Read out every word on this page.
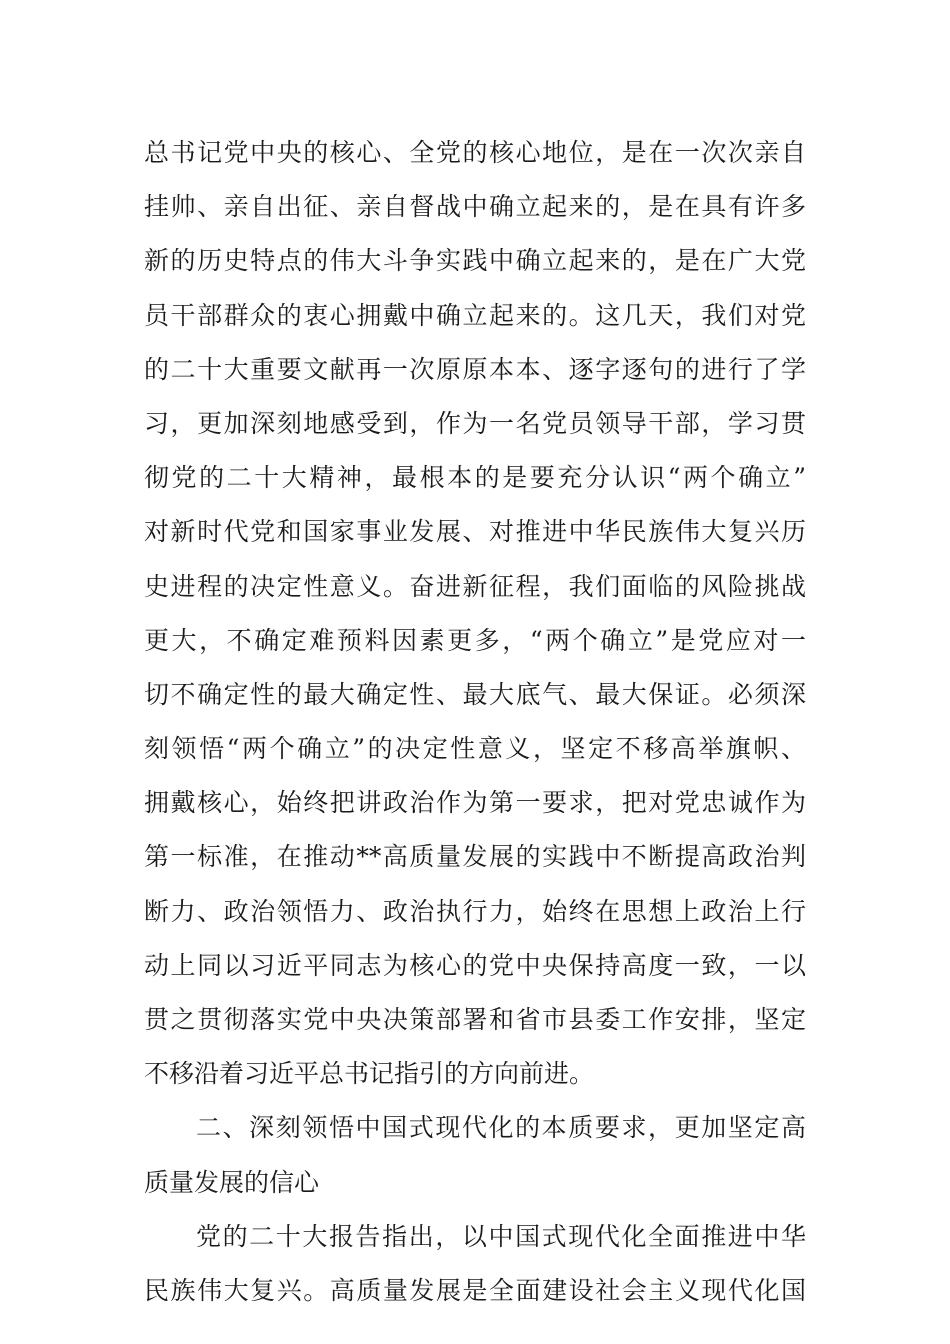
总书记党中央的核心、全党的核心地位，是在一次次亲自
挂帅、亲自出征、亲自督战中确立起来的，是在具有许多
新的历史特点的伟大斗争实践中确立起来的，是在广大党
员干部群众的衷心拥戴中确立起来的。这几天，我们对党
的二十大重要文献再一次原原本本、逐字逐句的进行了学
习，更加深刻地感受到，作为一名党员领导干部，学习贯
彻党的二十大精神，最根本的是要充分认识“两个确立”
对新时代党和国家事业发展、对推进中华民族伟大复兴历
史进程的决定性意义。奋进新征程，我们面临的风险挑战
更大，不确定难预料因素更多，“两个确立”是党应对一
切不确定性的最大确定性、最大底气、最大保证。必须深
刻领悟“两个确立”的决定性意义，坚定不移高举旗帜、
拥戴核心，始终把讲政治作为第一要求，把对党忠诚作为
第一标准，在推动**高质量发展的实践中不断提高政治判
断力、政治领悟力、政治执行力，始终在思想上政治上行
动上同以习近平同志为核心的党中央保持高度一致，一以
贯之贯彻落实党中央决策部署和省市县委工作安排，坚定
不移沿着习近平总书记指引的方向前进。
二、深刻领悟中国式现代化的本质要求，更加坚定高
质量发展的信心
党的二十大报告指出，以中国式现代化全面推进中华
民族伟大复兴。高质量发展是全面建设社会主义现代化国
